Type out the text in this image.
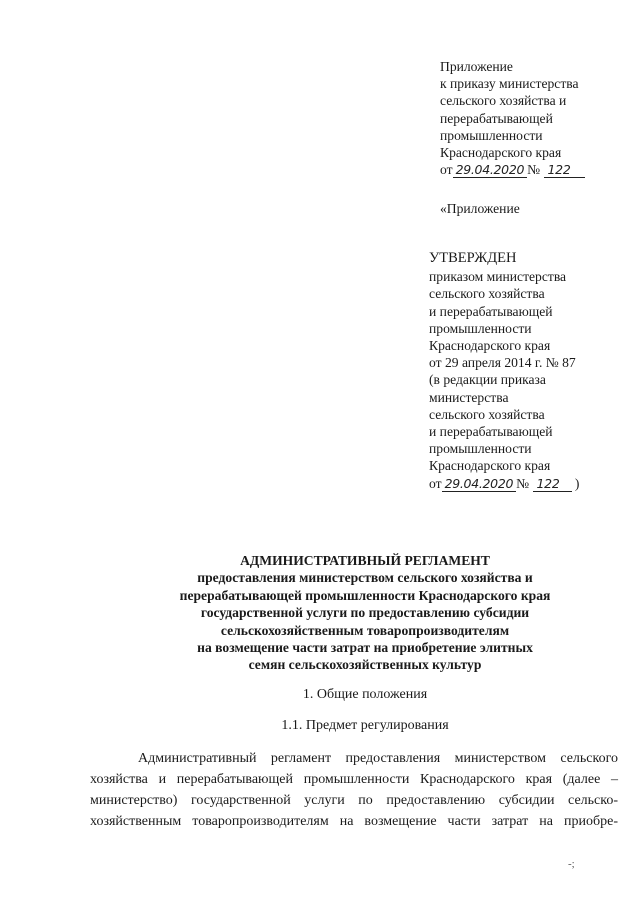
Приложение
к приказу министерства
сельского хозяйства и
перерабатывающей
промышленности
Краснодарского края
от 29.04.2020 № 122
«Приложение
УТВЕРЖДЕН
приказом министерства
сельского хозяйства
и перерабатывающей
промышленности
Краснодарского края
от 29 апреля 2014 г. № 87
(в редакции приказа
министерства
сельского хозяйства
и перерабатывающей
промышленности
Краснодарского края
от 29.04.2020 № 122 )
АДМИНИСТРАТИВНЫЙ РЕГЛАМЕНТ
предоставления министерством сельского хозяйства и
перерабатывающей промышленности Краснодарского края
государственной услуги по предоставлению субсидии
сельскохозяйственным товаропроизводителям
на возмещение части затрат на приобретение элитных
семян сельскохозяйственных культур
1. Общие положения
1.1. Предмет регулирования
Административный регламент предоставления министерством сельского
хозяйства и перерабатывающей промышленности Краснодарского края (далее –
министерство) государственной услуги по предоставлению субсидии сельско-
хозяйственным товаропроизводителям на возмещение части затрат на приобре-
-;
